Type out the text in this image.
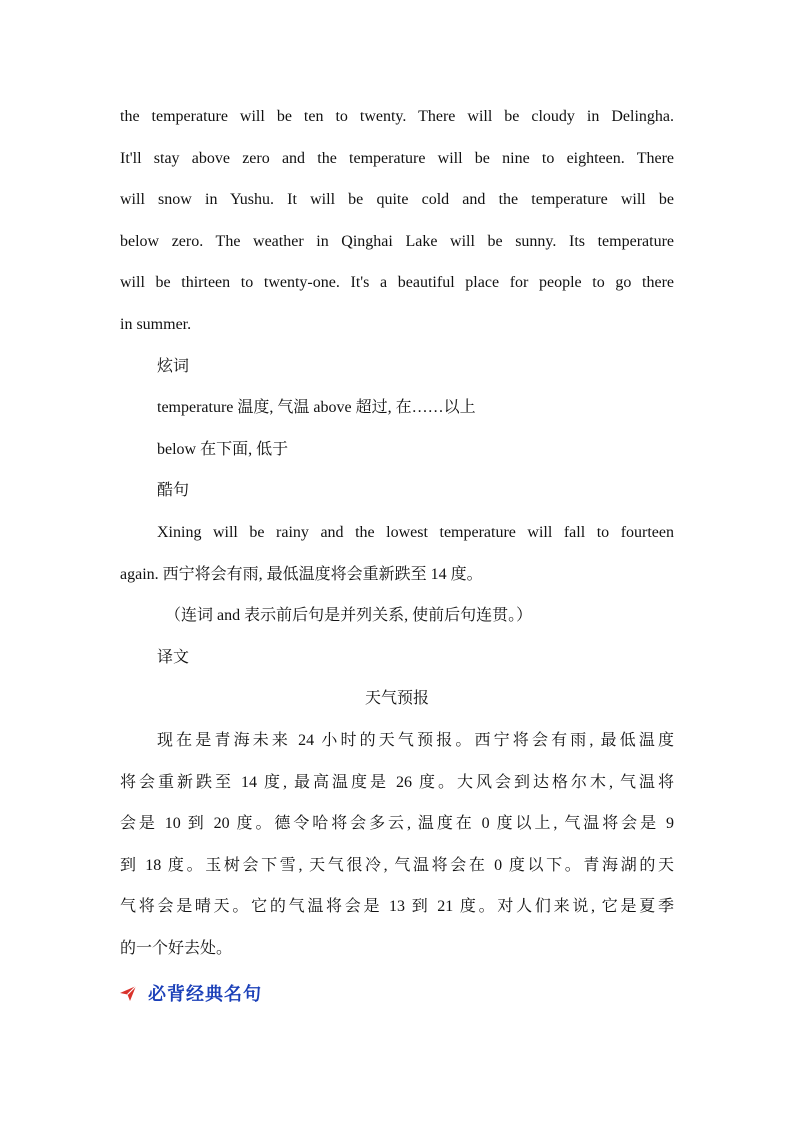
the temperature will be ten to twenty. There will be cloudy in Delingha.
It'll stay above zero and the temperature will be nine to eighteen. There
will snow in Yushu. It will be quite cold and the temperature will be
below zero. The weather in Qinghai Lake will be sunny. Its temperature
will be thirteen to twenty-one. It's a beautiful place for people to go there
in summer.
炫词
temperature 温度, 气温 above 超过, 在……以上
below 在下面, 低于
酷句
Xining will be rainy and the lowest temperature will fall to fourteen
again. 西宁将会有雨, 最低温度将会重新跌至 14 度。
（连词 and 表示前后句是并列关系, 使前后句连贯。）
译文
天气预报
现在是青海未来 24 小时的天气预报。西宁将会有雨, 最低温度
将会重新跌至 14 度, 最高温度是 26 度。大风会到达格尔木, 气温将
会是 10 到 20 度。德令哈将会多云, 温度在 0 度以上, 气温将会是 9
到 18 度。玉树会下雪, 天气很冷, 气温将会在 0 度以下。青海湖的天
气将会是晴天。它的气温将会是 13 到 21 度。对人们来说, 它是夏季
的一个好去处。
必背经典名句
